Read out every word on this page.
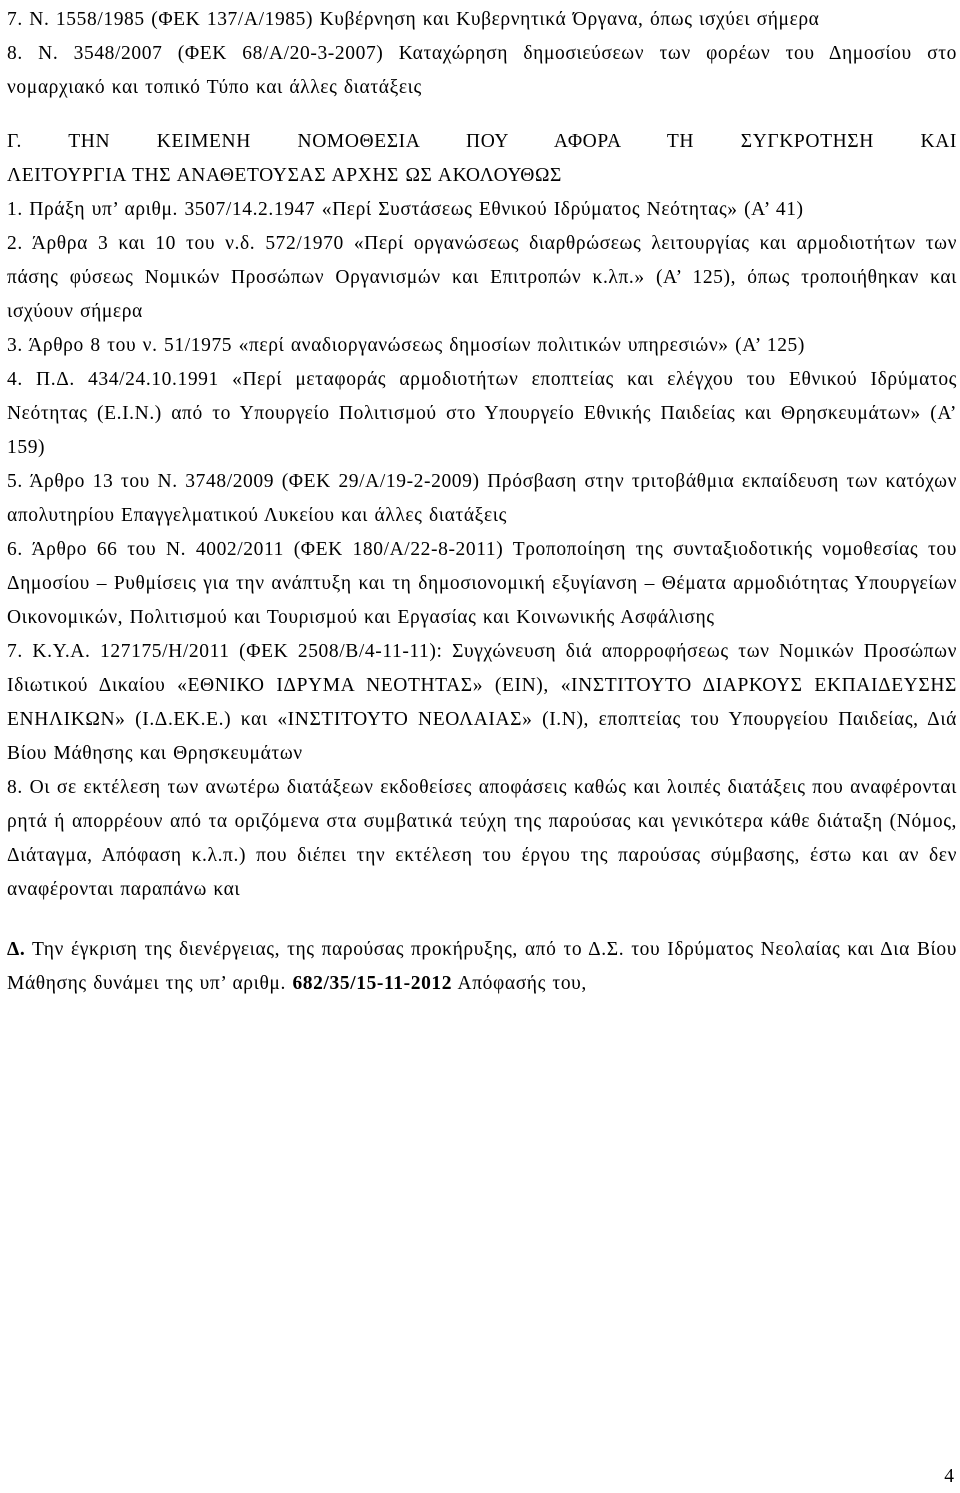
7. Ν. 1558/1985 (ΦΕΚ 137/Α/1985) Κυβέρνηση και Κυβερνητικά Όργανα, όπως ισχύει σήμερα

8. Ν. 3548/2007 (ΦΕΚ 68/Α/20-3-2007) Καταχώρηση δημοσιεύσεων των φορέων του Δημοσίου στο νομαρχιακό και τοπικό Τύπο και άλλες διατάξεις

Γ. ΤΗΝ ΚΕΙΜΕΝΗ ΝΟΜΟΘΕΣΙΑ ΠΟΥ ΑΦΟΡΑ ΤΗ ΣΥΓΚΡΟΤΗΣΗ ΚΑΙ

ΛΕΙΤΟΥΡΓΙΑ ΤΗΣ ΑΝΑΘΕΤΟΥΣΑΣ ΑΡΧΗΣ ΩΣ ΑΚΟΛΟΥΘΩΣ

1. Πράξη υπ’ αριθμ. 3507/14.2.1947 «Περί Συστάσεως Εθνικού Ιδρύματος Νεότητας» (Α’ 41)

2. Άρθρα 3 και 10 του ν.δ. 572/1970 «Περί οργανώσεως διαρθρώσεως λειτουργίας και αρμοδιοτήτων των πάσης φύσεως Νομικών Προσώπων Οργανισμών και Επιτροπών κ.λπ.» (Α’ 125), όπως τροποιήθηκαν και ισχύουν σήμερα

3. Άρθρο 8 του ν. 51/1975 «περί αναδιοργανώσεως δημοσίων πολιτικών υπηρεσιών» (Α’ 125)

4. Π.Δ. 434/24.10.1991 «Περί μεταφοράς αρμοδιοτήτων εποπτείας και ελέγχου του Εθνικού Ιδρύματος Νεότητας (Ε.Ι.Ν.) από το Υπουργείο Πολιτισμού στο Υπουργείο Εθνικής Παιδείας και Θρησκευμάτων» (Α’ 159)

5. Άρθρο 13 του Ν. 3748/2009 (ΦΕΚ 29/Α/19-2-2009) Πρόσβαση στην τριτοβάθμια εκπαίδευση των κατόχων απολυτηρίου Επαγγελματικού Λυκείου και άλλες διατάξεις

6. Άρθρο 66 του Ν. 4002/2011 (ΦΕΚ 180/Α/22-8-2011) Τροποποίηση της συνταξιοδοτικής νομοθεσίας του Δημοσίου – Ρυθμίσεις για την ανάπτυξη και τη δημοσιονομική εξυγίανση – Θέματα αρμοδιότητας Υπουργείων Οικονομικών, Πολιτισμού και Τουρισμού και Εργασίας και Κοινωνικής Ασφάλισης

7. Κ.Υ.Α. 127175/Η/2011 (ΦΕΚ 2508/Β/4-11-11): Συγχώνευση διά απορροφήσεως των Νομικών Προσώπων Ιδιωτικού Δικαίου «ΕΘΝΙΚΟ ΙΔΡΥΜΑ ΝΕΟΤΗΤΑΣ» (ΕΙΝ), «ΙΝΣΤΙΤΟΥΤΟ ΔΙΑΡΚΟΥΣ ΕΚΠΑΙΔΕΥΣΗΣ ΕΝΗΛΙΚΩΝ» (Ι.Δ.ΕΚ.Ε.) και «ΙΝΣΤΙΤΟΥΤΟ ΝΕΟΛΑΙΑΣ» (Ι.Ν), εποπτείας του Υπουργείου Παιδείας, Διά Βίου Μάθησης και Θρησκευμάτων

8. Οι σε εκτέλεση των ανωτέρω διατάξεων εκδοθείσες αποφάσεις καθώς και λοιπές διατάξεις που αναφέρονται ρητά ή απορρέουν από τα οριζόμενα στα συμβατικά τεύχη της παρούσας και γενικότερα κάθε διάταξη (Νόμος, Διάταγμα, Απόφαση κ.λ.π.) που διέπει την εκτέλεση του έργου της παρούσας σύμβασης, έστω και αν δεν αναφέρονται παραπάνω και

Δ. Την έγκριση της διενέργειας, της παρούσας προκήρυξης, από το Δ.Σ. του Ιδρύματος Νεολαίας και Δια Βίου Μάθησης δυνάμει της υπ’ αριθμ. 682/35/15-11-2012 Απόφασής του,

4
